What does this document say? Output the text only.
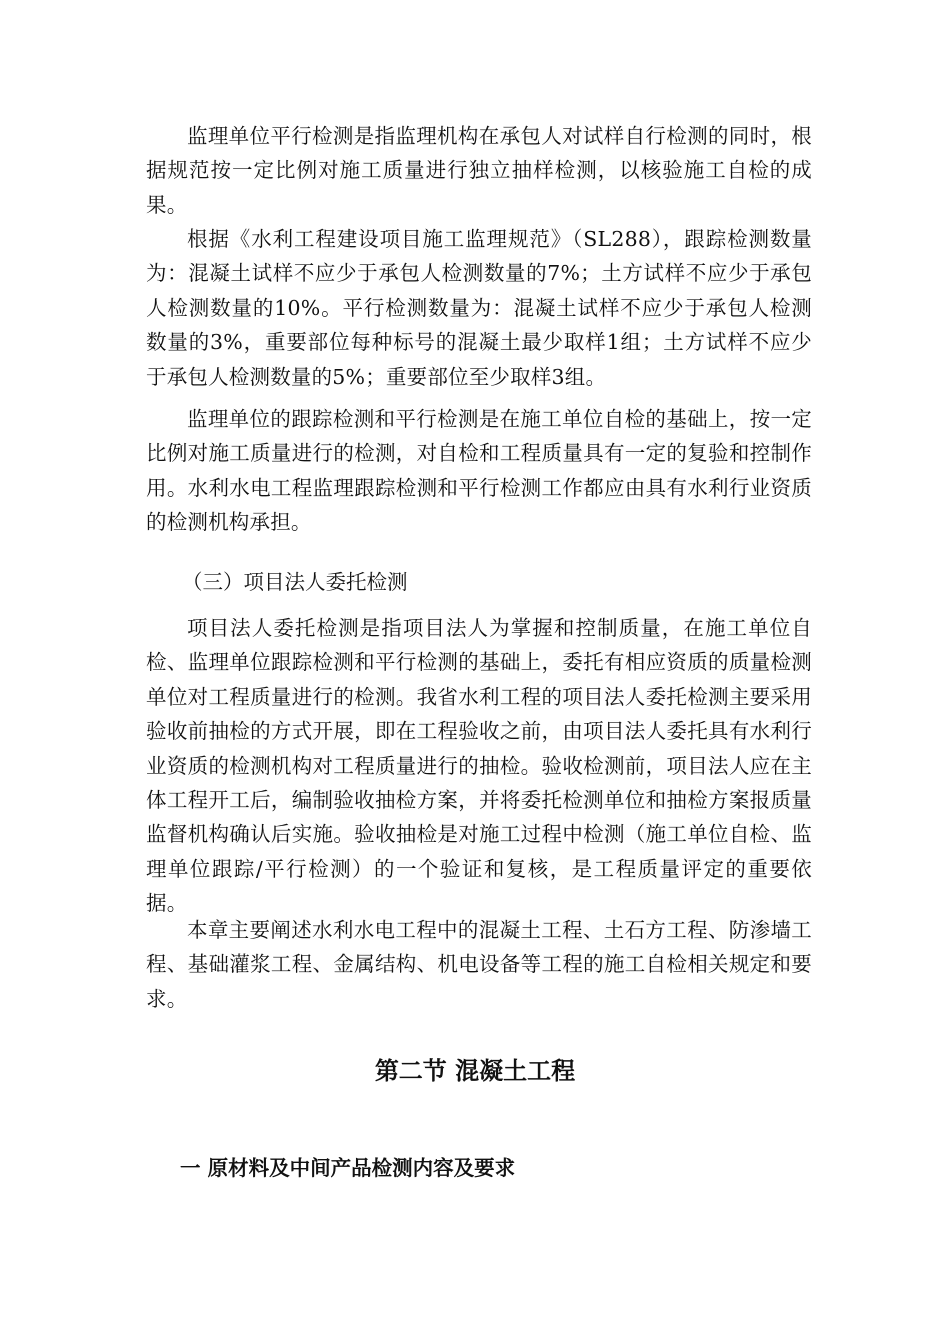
监理单位平行检测是指监理机构在承包人对试样自行检测的同时，根据规范按一定比例对施工质量进行独立抽样检测，以核验施工自检的成果。

根据《水利工程建设项目施工监理规范》（SL288），跟踪检测数量为：混凝土试样不应少于承包人检测数量的7%；土方试样不应少于承包人检测数量的10%。平行检测数量为：混凝土试样不应少于承包人检测数量的3%，重要部位每种标号的混凝土最少取样1组；土方试样不应少于承包人检测数量的5%；重要部位至少取样3组。

监理单位的跟踪检测和平行检测是在施工单位自检的基础上，按一定比例对施工质量进行的检测，对自检和工程质量具有一定的复验和控制作用。水利水电工程监理跟踪检测和平行检测工作都应由具有水利行业资质的检测机构承担。

（三）项目法人委托检测

项目法人委托检测是指项目法人为掌握和控制质量，在施工单位自检、监理单位跟踪检测和平行检测的基础上，委托有相应资质的质量检测单位对工程质量进行的检测。我省水利工程的项目法人委托检测主要采用验收前抽检的方式开展，即在工程验收之前，由项目法人委托具有水利行业资质的检测机构对工程质量进行的抽检。验收检测前，项目法人应在主体工程开工后，编制验收抽检方案，并将委托检测单位和抽检方案报质量监督机构确认后实施。验收抽检是对施工过程中检测（施工单位自检、监理单位跟踪/平行检测）的一个验证和复核，是工程质量评定的重要依据。

本章主要阐述水利水电工程中的混凝土工程、土石方工程、防渗墙工程、基础灌浆工程、金属结构、机电设备等工程的施工自检相关规定和要求。

第二节 混凝土工程

一 原材料及中间产品检测内容及要求
